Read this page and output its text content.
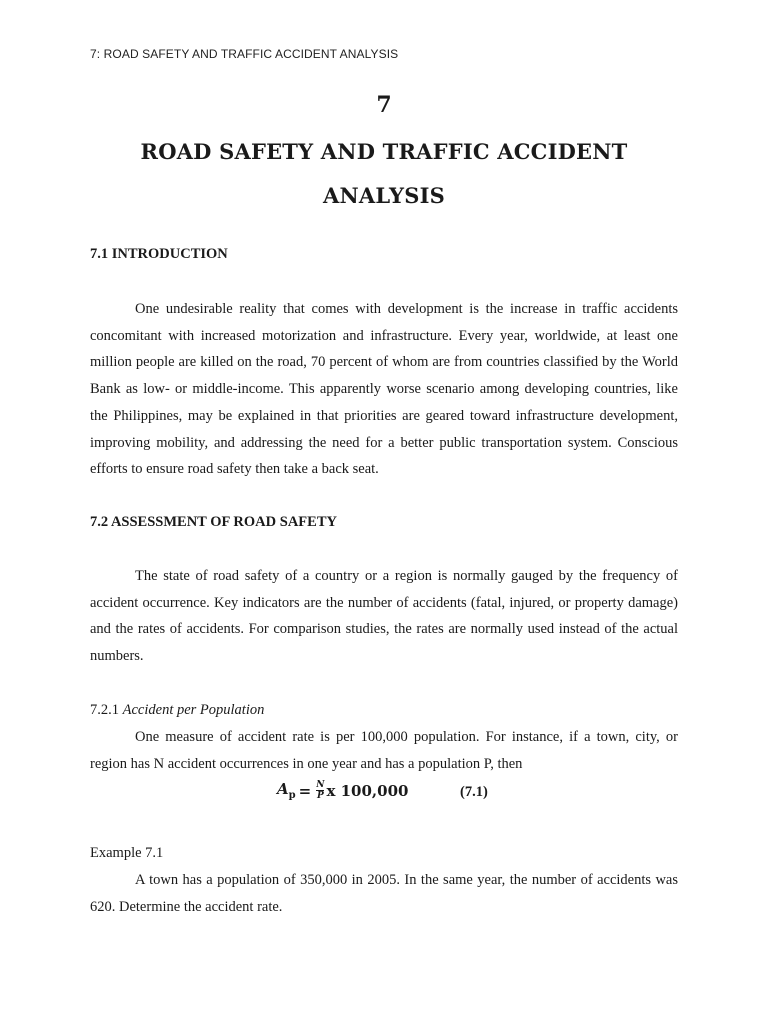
7: ROAD SAFETY AND TRAFFIC ACCIDENT ANALYSIS
7
ROAD SAFETY AND TRAFFIC ACCIDENT
ANALYSIS
7.1 INTRODUCTION

One undesirable reality that comes with development is the increase in traffic accidents concomitant with increased motorization and infrastructure. Every year, worldwide, at least one million people are killed on the road, 70 percent of whom are from countries classified by the World Bank as low- or middle-income. This apparently worse scenario among developing countries, like the Philippines, may be explained in that priorities are geared toward infrastructure development, improving mobility, and addressing the need for a better public transportation system. Conscious efforts to ensure road safety then take a back seat.

7.2 ASSESSMENT OF ROAD SAFETY

The state of road safety of a country or a region is normally gauged by the frequency of accident occurrence. Key indicators are the number of accidents (fatal, injured, or property damage) and the rates of accidents. For comparison studies, the rates are normally used instead of the actual numbers.

7.2.1 Accident per Population

One measure of accident rate is per 100,000 population. For instance, if a town, city, or region has N accident occurrences in one year and has a population P, then

$A_p = \frac{N}{P}$ x 100,000	(7.1)
Example 7.1

A town has a population of 350,000 in 2005. In the same year, the number of accidents was 620. Determine the accident rate.
